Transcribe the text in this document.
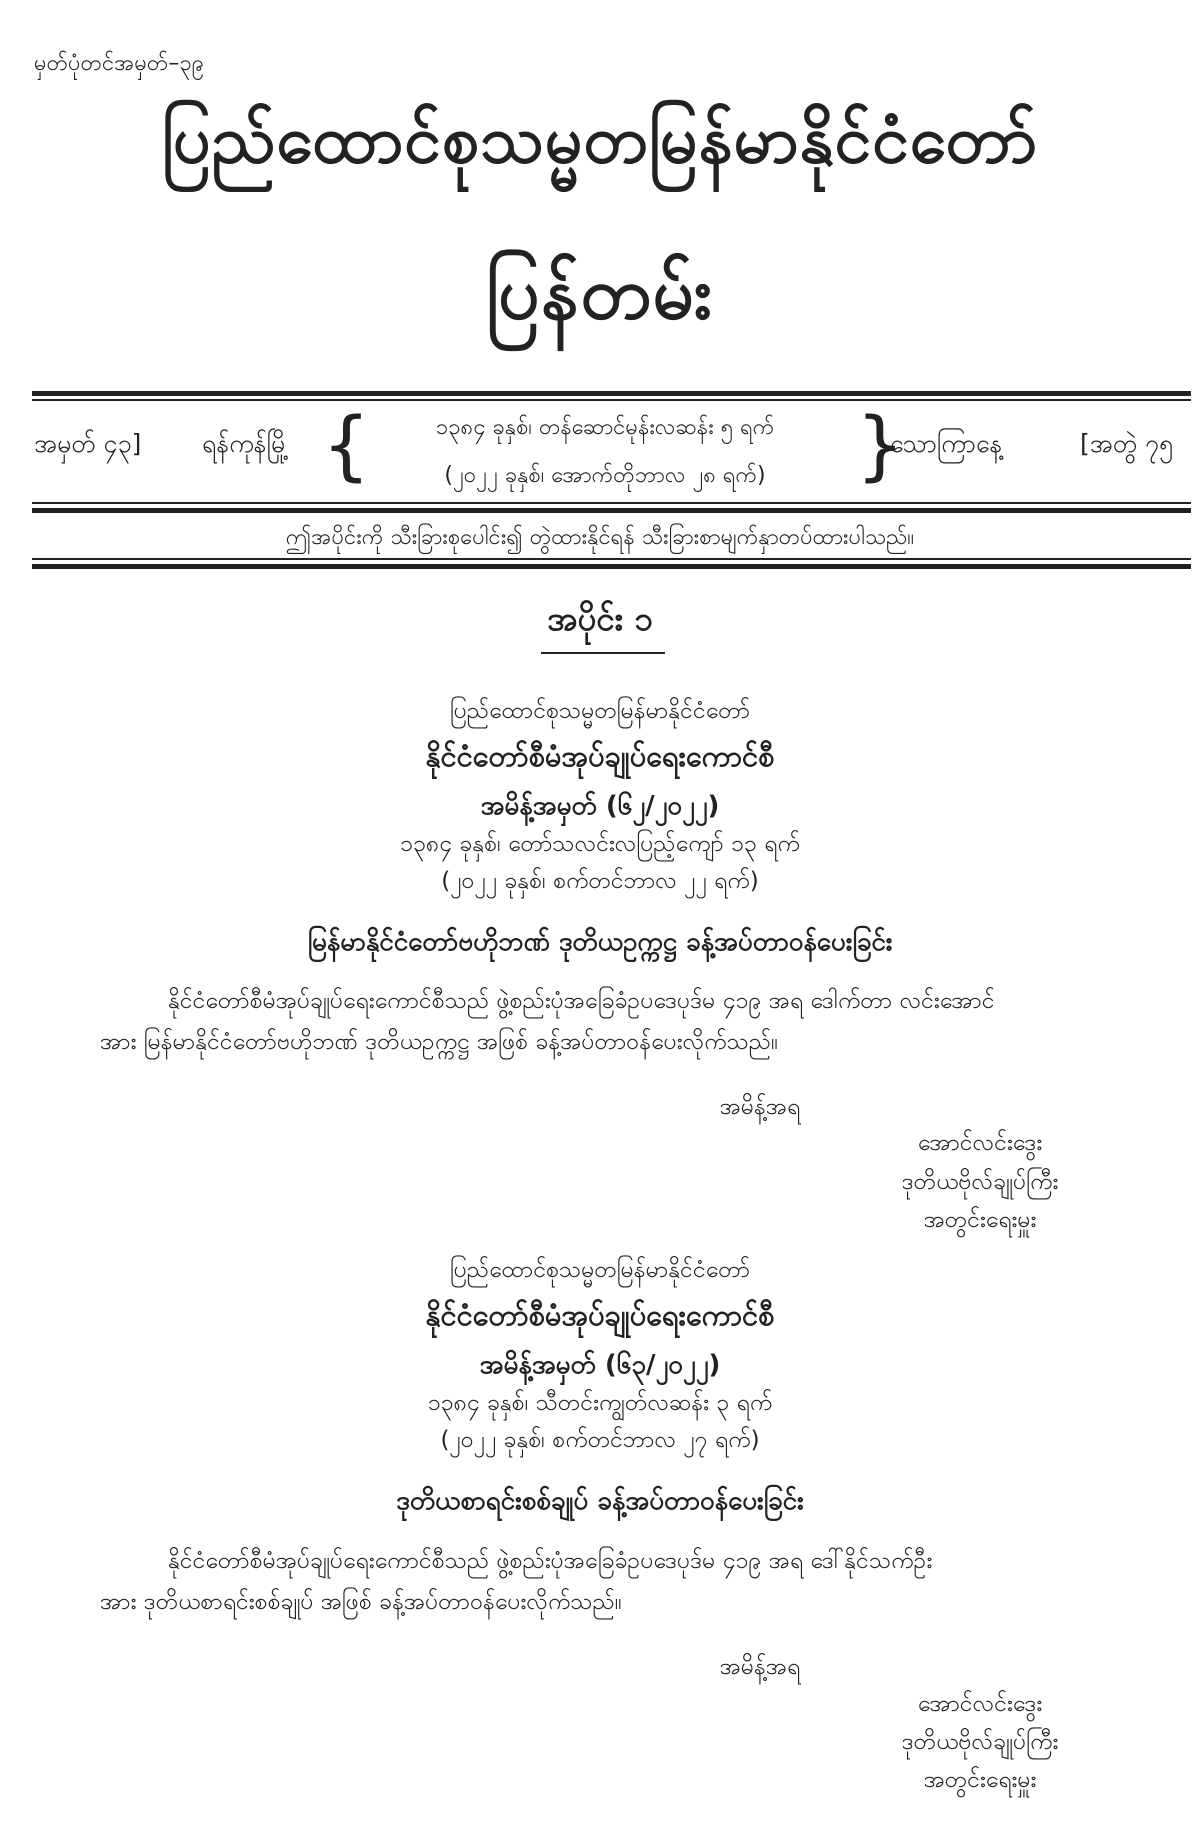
မှတ်ပုံတင်အမှတ်–၃၉
ပြည်ထောင်စုသမ္မတမြန်မာနိုင်ငံတော်
ပြန်တမ်း
အမှတ် ၄၃] ရန်ကုန်မြို့ {	၁၃၈၄ ခုနှစ်၊ တန်ဆောင်မုန်းလဆန်း ၅ ရက်
(၂၀၂၂ ခုနှစ်၊ အောက်တိုဘာလ ၂၈ ရက်)	}
သောကြာနေ့	[အတွဲ ၇၅
ဤအပိုင်းကို သီးခြားစုပေါင်း၍ တွဲထားနိုင်ရန် သီးခြားစာမျက်နှာတပ်ထားပါသည်။
အပိုင်း ၁
ပြည်ထောင်စုသမ္မတမြန်မာနိုင်ငံတော်
နိုင်ငံတော်စီမံအုပ်ချုပ်ရေးကောင်စီ
အမိန့်အမှတ် (၆၂/၂၀၂၂)
၁၃၈၄ ခုနှစ်၊ တော်သလင်းလပြည့်ကျော် ၁၃ ရက်
(၂၀၂၂ ခုနှစ်၊ စက်တင်ဘာလ ၂၂ ရက်)
မြန်မာနိုင်ငံတော်ဗဟိုဘဏ် ဒုတိယဥက္ကဋ္ဌ ခန့်အပ်တာဝန်ပေးခြင်း
နိုင်ငံတော်စီမံအုပ်ချုပ်ရေးကောင်စီသည် ဖွဲ့စည်းပုံအခြေခံဥပဒေပုဒ်မ ၄၁၉ အရ ဒေါက်တာ လင်းအောင်
အား မြန်မာနိုင်ငံတော်ဗဟိုဘဏ် ဒုတိယဥက္ကဋ္ဌ အဖြစ် ခန့်အပ်တာဝန်ပေးလိုက်သည်။
အမိန့်အရ
အောင်လင်းဒွေး
ဒုတိယဗိုလ်ချုပ်ကြီး
အတွင်းရေးမှူး
ပြည်ထောင်စုသမ္မတမြန်မာနိုင်ငံတော်
နိုင်ငံတော်စီမံအုပ်ချုပ်ရေးကောင်စီ
အမိန့်အမှတ် (၆၃/၂၀၂၂)
၁၃၈၄ ခုနှစ်၊ သီတင်းကျွတ်လဆန်း ၃ ရက်
(၂၀၂၂ ခုနှစ်၊ စက်တင်ဘာလ ၂၇ ရက်)
ဒုတိယစာရင်းစစ်ချုပ် ခန့်အပ်တာဝန်ပေးခြင်း
နိုင်ငံတော်စီမံအုပ်ချုပ်ရေးကောင်စီသည် ဖွဲ့စည်းပုံအခြေခံဥပဒေပုဒ်မ ၄၁၉ အရ ဒေါ်နိုင်သက်ဦး
အား ဒုတိယစာရင်းစစ်ချုပ် အဖြစ် ခန့်အပ်တာဝန်ပေးလိုက်သည်။
အမိန့်အရ
အောင်လင်းဒွေး
ဒုတိယဗိုလ်ချုပ်ကြီး
အတွင်းရေးမှူး
